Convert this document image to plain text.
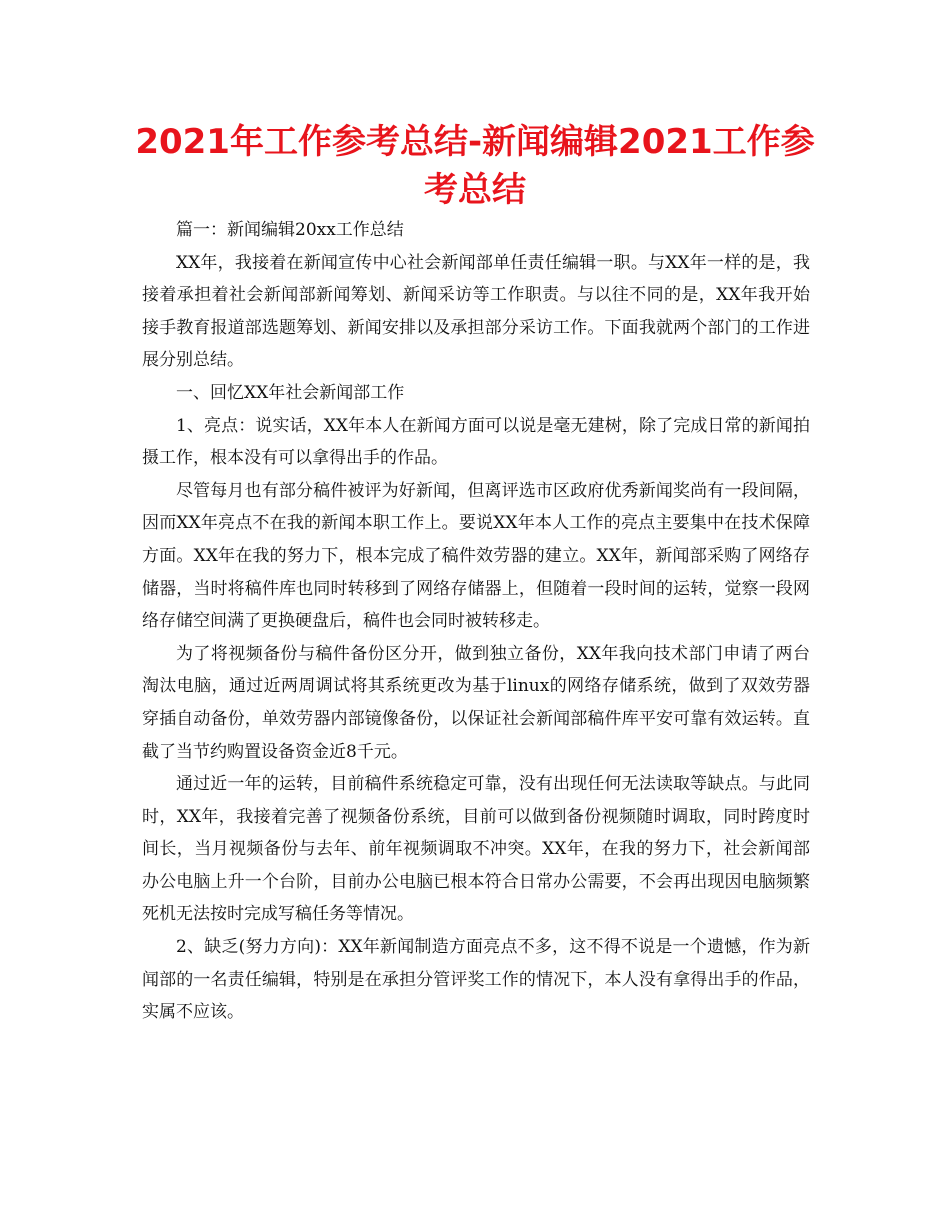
2021年工作参考总结-新闻编辑2021工作参考总结

篇一：新闻编辑20xx工作总结

XX年，我接着在新闻宣传中心社会新闻部单任责任编辑一职。与XX年一样的是，我接着承担着社会新闻部新闻筹划、新闻采访等工作职责。与以往不同的是，XX年我开始接手教育报道部选题筹划、新闻安排以及承担部分采访工作。下面我就两个部门的工作进展分别总结。

一、回忆XX年社会新闻部工作

1、亮点：说实话，XX年本人在新闻方面可以说是毫无建树，除了完成日常的新闻拍摄工作，根本没有可以拿得出手的作品。

尽管每月也有部分稿件被评为好新闻，但离评选市区政府优秀新闻奖尚有一段间隔，因而XX年亮点不在我的新闻本职工作上。要说XX年本人工作的亮点主要集中在技术保障方面。XX年在我的努力下，根本完成了稿件效劳器的建立。XX年，新闻部采购了网络存储器，当时将稿件库也同时转移到了网络存储器上，但随着一段时间的运转，觉察一段网络存储空间满了更换硬盘后，稿件也会同时被转移走。

为了将视频备份与稿件备份区分开，做到独立备份，XX年我向技术部门申请了两台淘汰电脑，通过近两周调试将其系统更改为基于linux的网络存储系统，做到了双效劳器穿插自动备份，单效劳器内部镜像备份，以保证社会新闻部稿件库平安可靠有效运转。直截了当节约购置设备资金近8千元。

通过近一年的运转，目前稿件系统稳定可靠，没有出现任何无法读取等缺点。与此同时，XX年，我接着完善了视频备份系统，目前可以做到备份视频随时调取，同时跨度时间长，当月视频备份与去年、前年视频调取不冲突。XX年，在我的努力下，社会新闻部办公电脑上升一个台阶，目前办公电脑已根本符合日常办公需要，不会再出现因电脑频繁死机无法按时完成写稿任务等情况。

2、缺乏(努力方向)：XX年新闻制造方面亮点不多，这不得不说是一个遗憾，作为新闻部的一名责任编辑，特别是在承担分管评奖工作的情况下，本人没有拿得出手的作品，实属不应该。
